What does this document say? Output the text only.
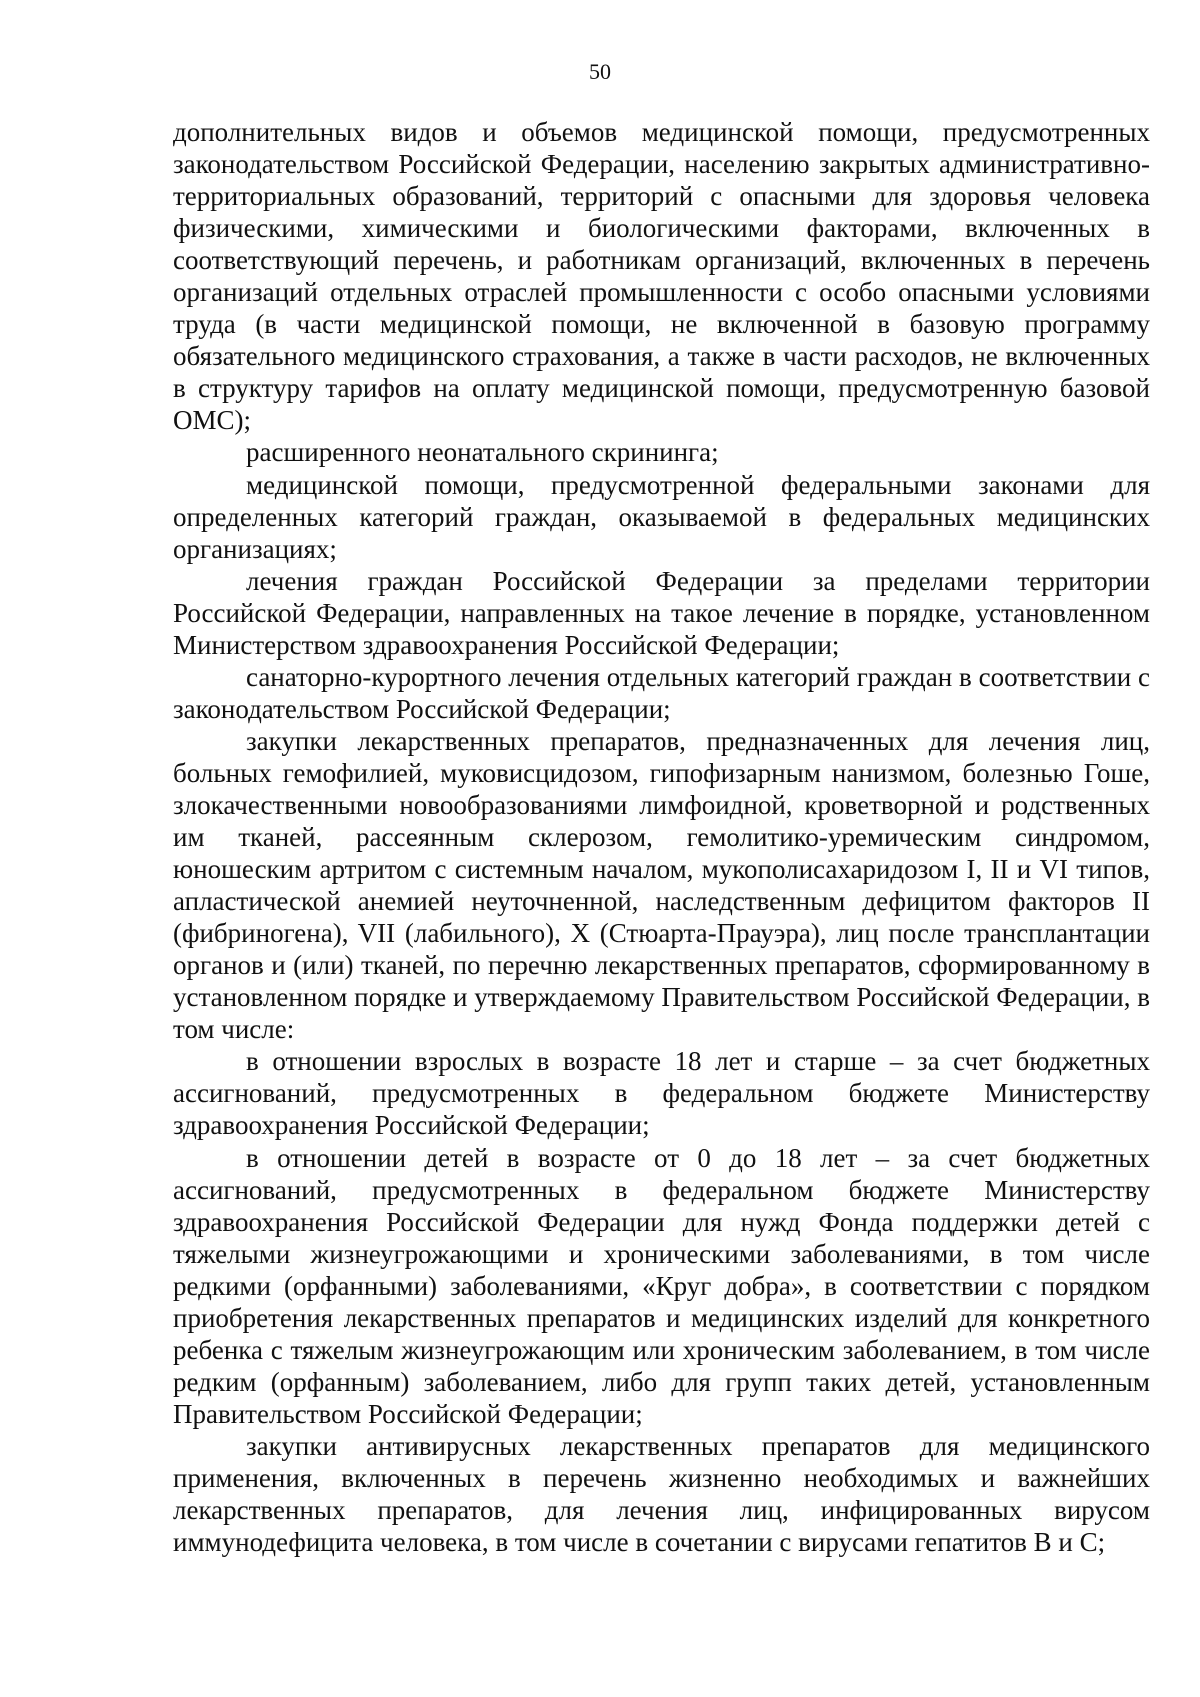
50

дополнительных видов и объемов медицинской помощи, предусмотренных законодательством Российской Федерации, населению закрытых административно-территориальных образований, территорий с опасными для здоровья человека физическими, химическими и биологическими факторами, включенных в соответствующий перечень, и работникам организаций, включенных в перечень организаций отдельных отраслей промышленности с особо опасными условиями труда (в части медицинской помощи, не включенной в базовую программу обязательного медицинского страхования, а также в части расходов, не включенных в структуру тарифов на оплату медицинской помощи, предусмотренную базовой ОМС);

расширенного неонатального скрининга;

медицинской помощи, предусмотренной федеральными законами для определенных категорий граждан, оказываемой в федеральных медицинских организациях;

лечения граждан Российской Федерации за пределами территории Российской Федерации, направленных на такое лечение в порядке, установленном Министерством здравоохранения Российской Федерации;

санаторно-курортного лечения отдельных категорий граждан в соответствии с законодательством Российской Федерации;

закупки лекарственных препаратов, предназначенных для лечения лиц, больных гемофилией, муковисцидозом, гипофизарным нанизмом, болезнью Гоше, злокачественными новообразованиями лимфоидной, кроветворной и родственных им тканей, рассеянным склерозом, гемолитико-уремическим синдромом, юношеским артритом с системным началом, мукополисахаридозом I, II и VI типов, апластической анемией неуточненной, наследственным дефицитом факторов II (фибриногена), VII (лабильного), X (Стюарта-Прауэра), лиц после трансплантации органов и (или) тканей, по перечню лекарственных препаратов, сформированному в установленном порядке и утверждаемому Правительством Российской Федерации, в том числе:

в отношении взрослых в возрасте 18 лет и старше – за счет бюджетных ассигнований, предусмотренных в федеральном бюджете Министерству здравоохранения Российской Федерации;

в отношении детей в возрасте от 0 до 18 лет – за счет бюджетных ассигнований, предусмотренных в федеральном бюджете Министерству здравоохранения Российской Федерации для нужд Фонда поддержки детей с тяжелыми жизнеугрожающими и хроническими заболеваниями, в том числе редкими (орфанными) заболеваниями, «Круг добра», в соответствии с порядком приобретения лекарственных препаратов и медицинских изделий для конкретного ребенка с тяжелым жизнеугрожающим или хроническим заболеванием, в том числе редким (орфанным) заболеванием, либо для групп таких детей, установленным Правительством Российской Федерации;

закупки антивирусных лекарственных препаратов для медицинского применения, включенных в перечень жизненно необходимых и важнейших лекарственных препаратов, для лечения лиц, инфицированных вирусом иммунодефицита человека, в том числе в сочетании с вирусами гепатитов B и C;
